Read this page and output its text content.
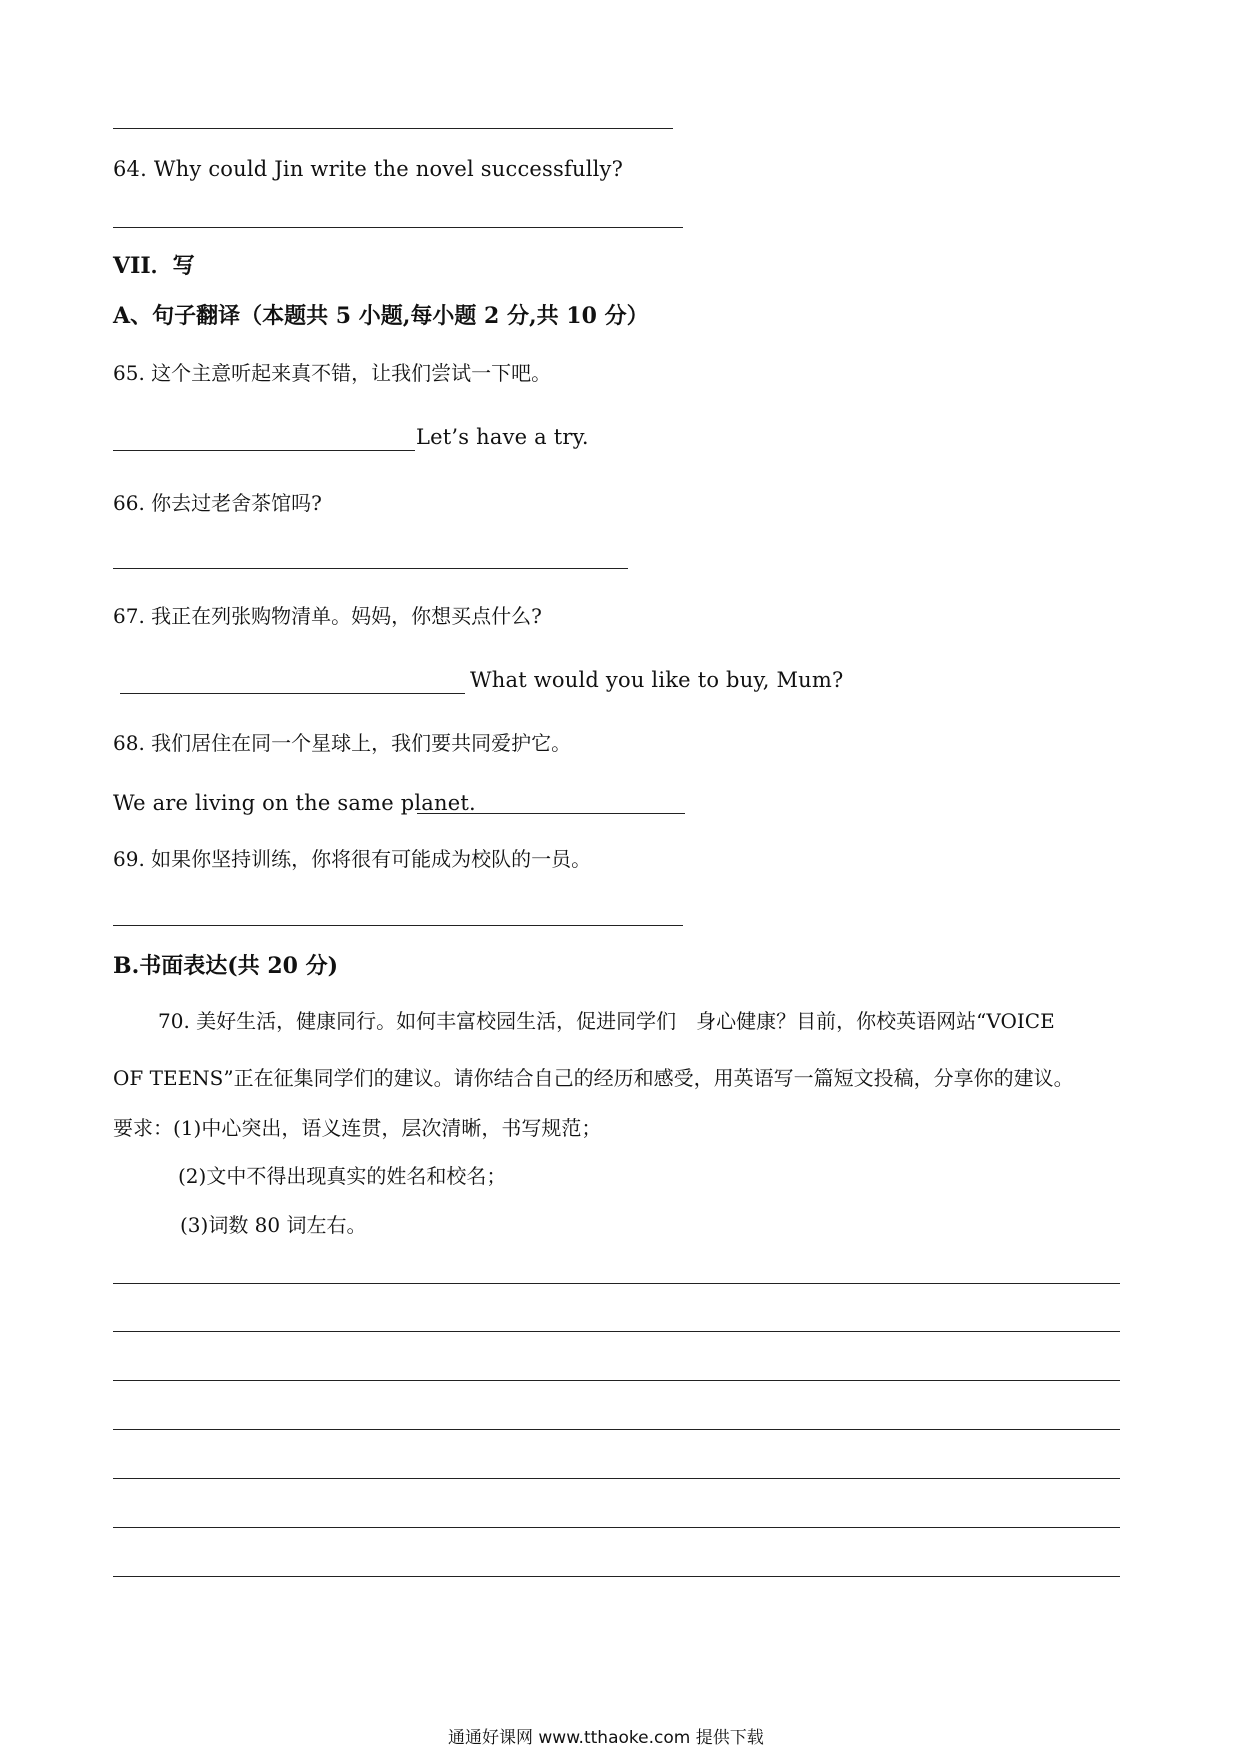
64. Why could Jin write the novel successfully?
VII．写
A、句子翻译（本题共 5 小题,每小题 2 分,共 10 分）
65. 这个主意听起来真不错，让我们尝试一下吧。
Let’s have a try.
66. 你去过老舍茶馆吗?
67. 我正在列张购物清单。妈妈，你想买点什么?
What would you like to buy, Mum?
68. 我们居住在同一个星球上，我们要共同爱护它。
We are living on the same planet.
69. 如果你坚持训练，你将很有可能成为校队的一员。
B.书面表达(共 20 分)
70. 美好生活，健康同行。如何丰富校园生活，促进同学们　身心健康？目前，你校英语网站“VOICE
OF TEENS”正在征集同学们的建议。请你结合自己的经历和感受，用英语写一篇短文投稿，分享你的建议。
要求：(1)中心突出，语义连贯，层次清晰，书写规范；
(2)文中不得出现真实的姓名和校名；
(3)词数 80 词左右。
通通好课网 www.tthaoke.com 提供下载
